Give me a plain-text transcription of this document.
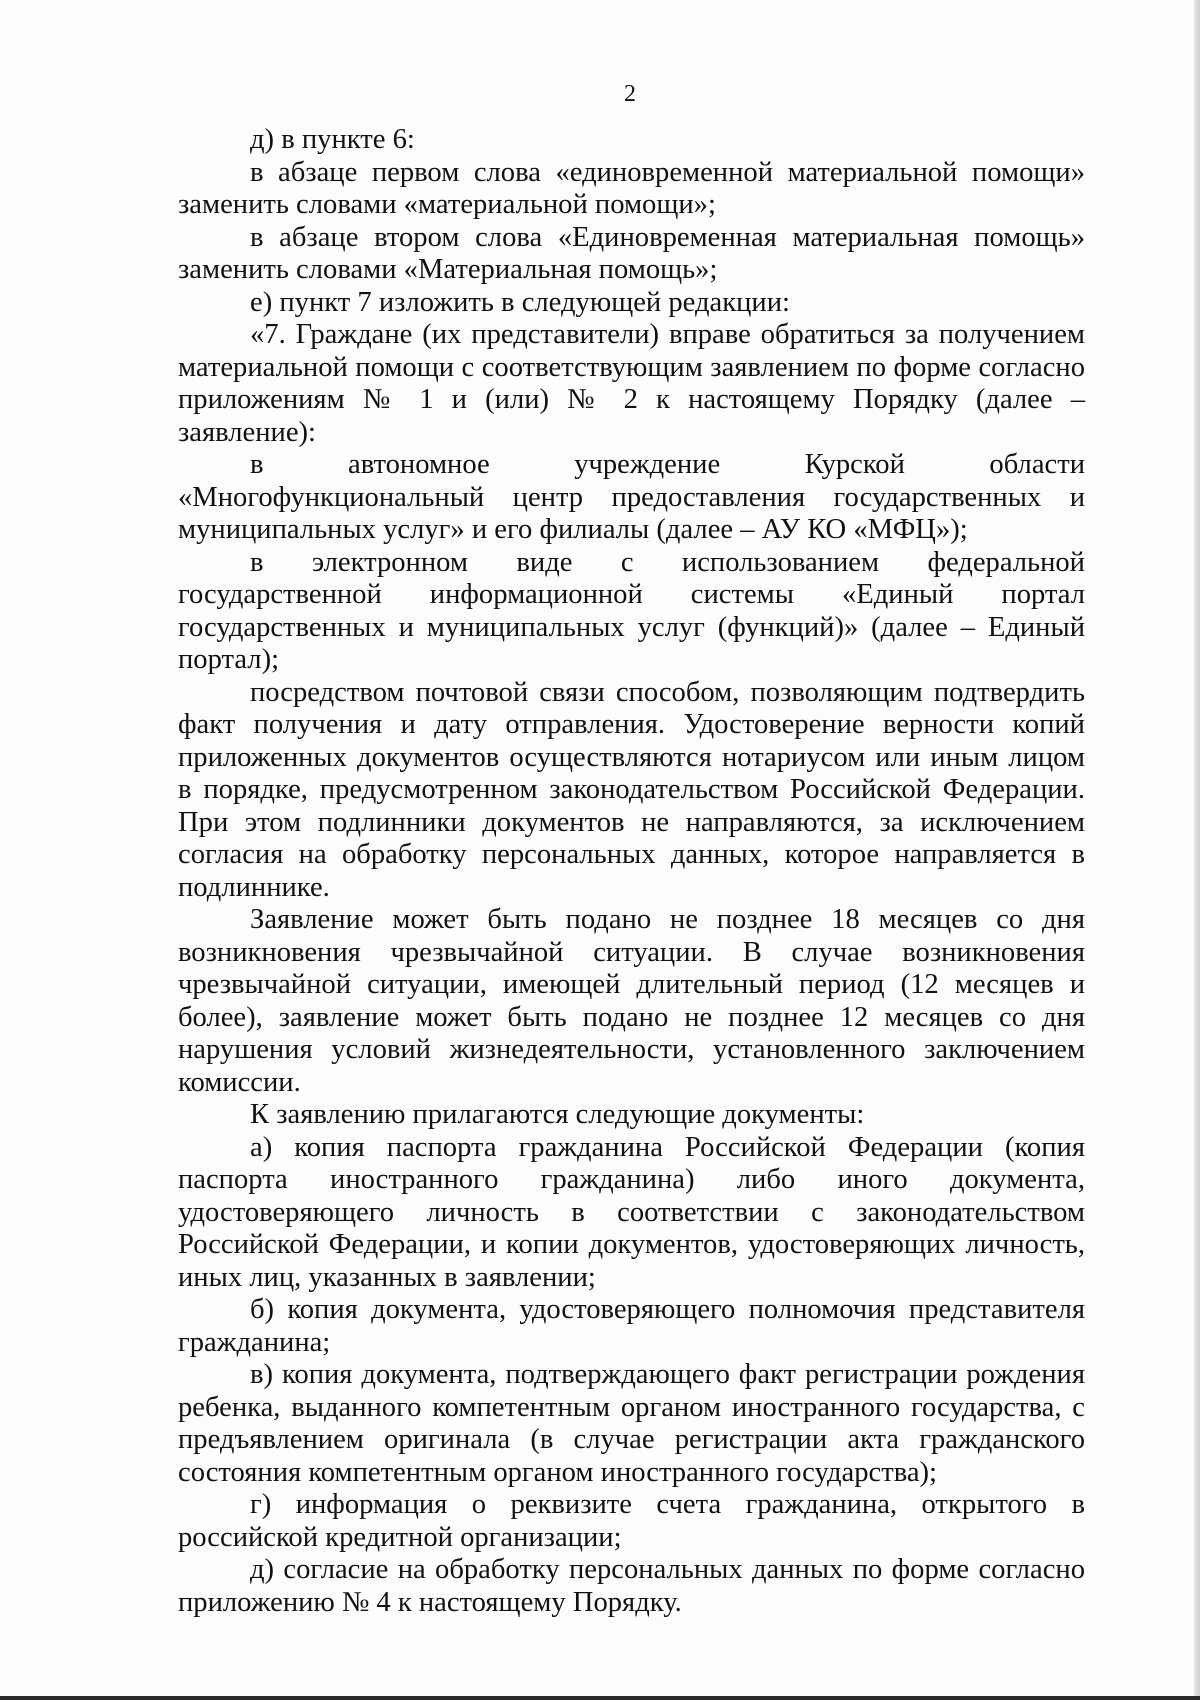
2

д) в пункте 6:

в абзаце первом слова «единовременной материальной помощи» заменить словами «материальной помощи»;

в абзаце втором слова «Единовременная материальная помощь» заменить словами «Материальная помощь»;

е) пункт 7 изложить в следующей редакции:

«7. Граждане (их представители) вправе обратиться за получением материальной помощи с соответствующим заявлением по форме согласно приложениям № 1 и (или) № 2 к настоящему Порядку (далее – заявление):

в автономное учреждение Курской области «Многофункциональный центр предоставления государственных и муниципальных услуг» и его филиалы (далее – АУ КО «МФЦ»);

в электронном виде с использованием федеральной государственной информационной системы «Единый портал государственных и муниципальных услуг (функций)» (далее – Единый портал);

посредством почтовой связи способом, позволяющим подтвердить факт получения и дату отправления. Удостоверение верности копий приложенных документов осуществляются нотариусом или иным лицом в порядке, предусмотренном законодательством Российской Федерации. При этом подлинники документов не направляются, за исключением согласия на обработку персональных данных, которое направляется в подлиннике.

Заявление может быть подано не позднее 18 месяцев со дня возникновения чрезвычайной ситуации. В случае возникновения чрезвычайной ситуации, имеющей длительный период (12 месяцев и более), заявление может быть подано не позднее 12 месяцев со дня нарушения условий жизнедеятельности, установленного заключением комиссии.

К заявлению прилагаются следующие документы:

а) копия паспорта гражданина Российской Федерации (копия паспорта иностранного гражданина) либо иного документа, удостоверяющего личность в соответствии с законодательством Российской Федерации, и копии документов, удостоверяющих личность, иных лиц, указанных в заявлении;

б) копия документа, удостоверяющего полномочия представителя гражданина;

в) копия документа, подтверждающего факт регистрации рождения ребенка, выданного компетентным органом иностранного государства, с предъявлением оригинала (в случае регистрации акта гражданского состояния компетентным органом иностранного государства);

г) информация о реквизите счета гражданина, открытого в российской кредитной организации;

д) согласие на обработку персональных данных по форме согласно приложению № 4 к настоящему Порядку.
